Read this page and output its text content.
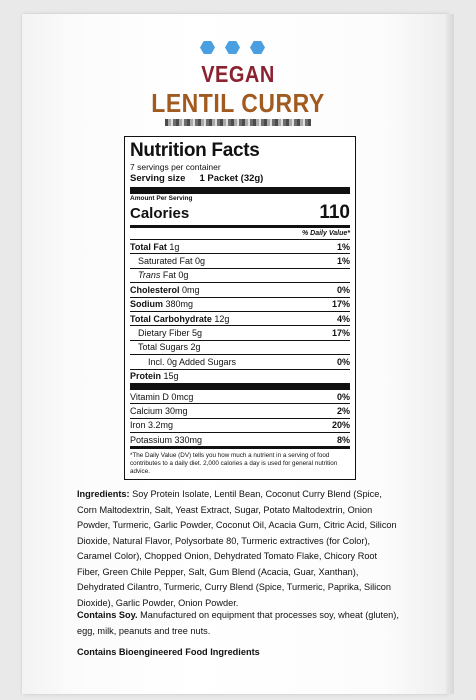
VEGAN
LENTIL CURRY
Nutrition Facts
7 servings per container
Serving size 1 Packet (32g)
Amount Per Serving
Calories	110
% Daily Value*
Total Fat 1g	1%
Saturated Fat 0g	1%
Trans Fat 0g
Cholesterol 0mg	0%
Sodium 380mg	17%
Total Carbohydrate 12g	4%
Dietary Fiber 5g	17%
Total Sugars 2g
Incl. 0g Added Sugars	0%
Protein 15g
Vitamin D 0mcg	0%
Calcium 30mg	2%
Iron 3.2mg	20%
Potassium 330mg	8%
*The Daily Value (DV) tells you how much a nutrient in a serving of food contributes to a daily diet. 2,000 calories a day is used for general nutrition advice.
Ingredients: Soy Protein Isolate, Lentil Bean, Coconut Curry Blend (Spice, Corn Maltodextrin, Salt, Yeast Extract, Sugar, Potato Maltodextrin, Onion Powder, Turmeric, Garlic Powder, Coconut Oil, Acacia Gum, Citric Acid, Silicon Dioxide, Natural Flavor, Polysorbate 80, Turmeric extractives (for Color), Caramel Color), Chopped Onion, Dehydrated Tomato Flake, Chicory Root Fiber, Green Chile Pepper, Salt, Gum Blend (Acacia, Guar, Xanthan), Dehydrated Cilantro, Turmeric, Curry Blend (Spice, Turmeric, Paprika, Silicon Dioxide), Garlic Powder, Onion Powder.
Contains Soy. Manufactured on equipment that processes soy, wheat (gluten), egg, milk, peanuts and tree nuts.
Contains Bioengineered Food Ingredients
